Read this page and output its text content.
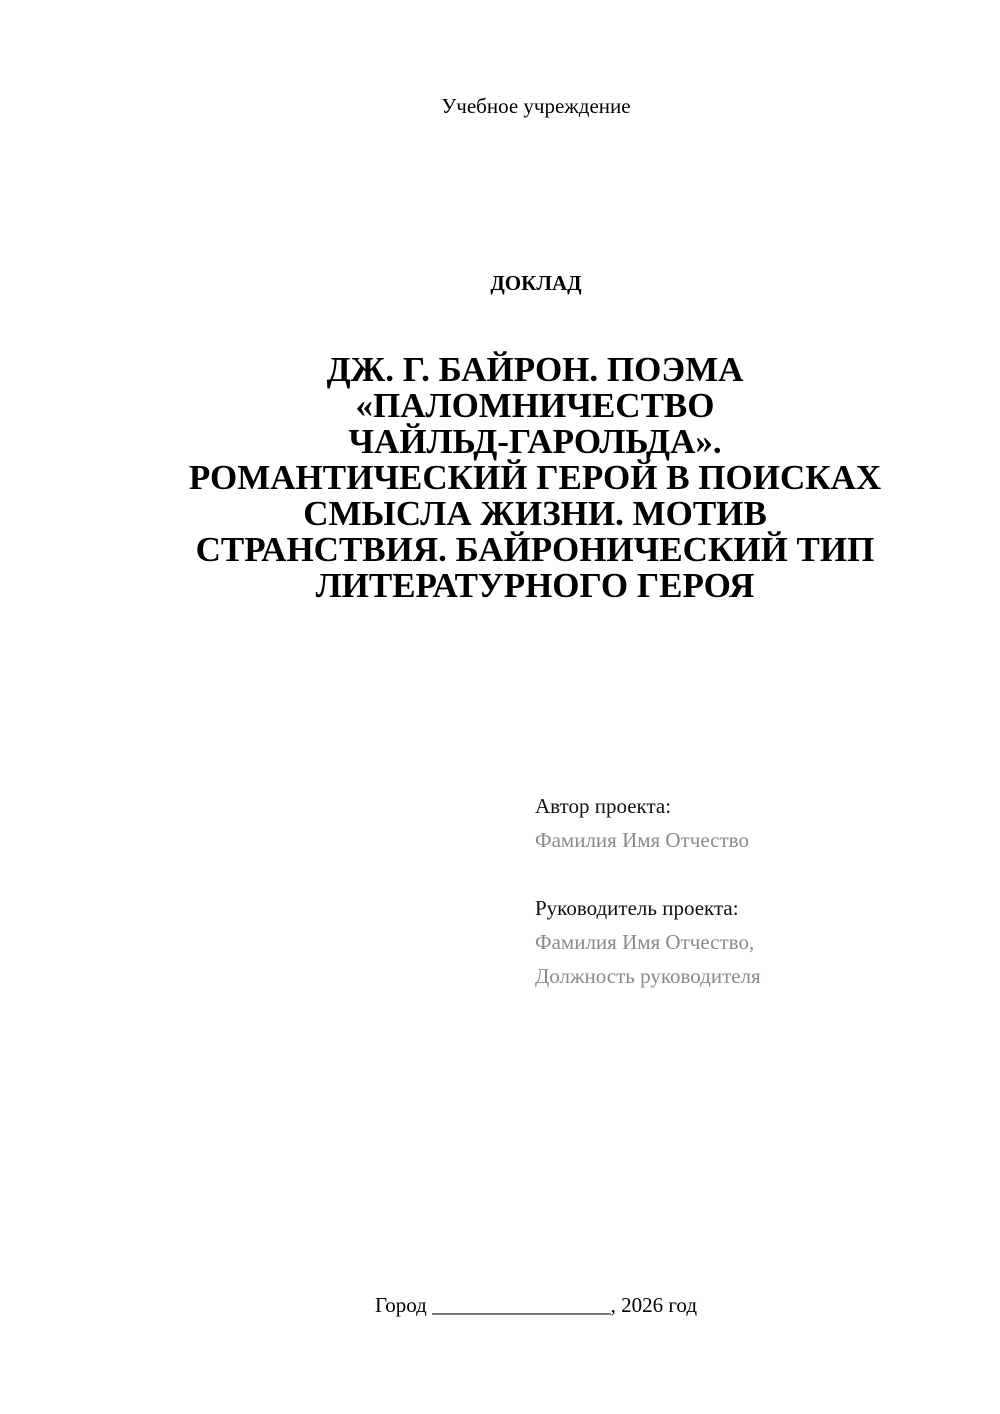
Учебное учреждение
ДОКЛАД
ДЖ. Г. БАЙРОН. ПОЭМА
«ПАЛОМНИЧЕСТВО
ЧАЙЛЬД-ГАРОЛЬДА».
РОМАНТИЧЕСКИЙ ГЕРОЙ В ПОИСКАХ
СМЫСЛА ЖИЗНИ. МОТИВ
СТРАНСТВИЯ. БАЙРОНИЧЕСКИЙ ТИП
ЛИТЕРАТУРНОГО ГЕРОЯ
Автор проекта:
Фамилия Имя Отчество
Руководитель проекта:
Фамилия Имя Отчество,
Должность руководителя
Город _________________, 2026 год
